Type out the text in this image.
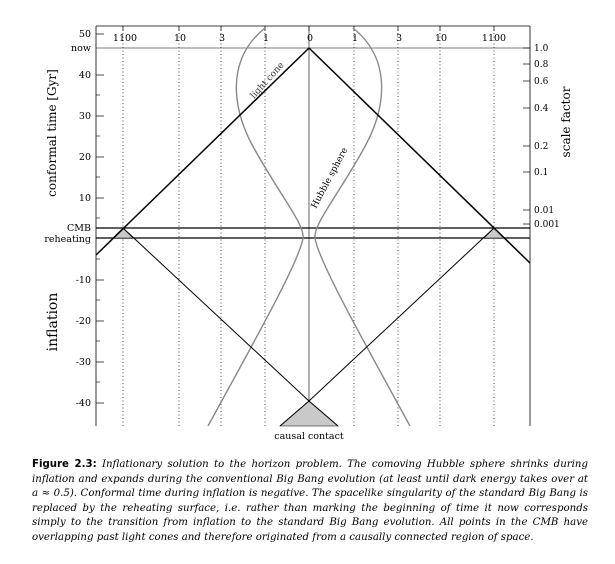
1100	10	3	1	0	1	3	10	1100
50
40
30
20
10
-10
-20
-30
-40
now
CMB
reheating
1.0
0.8
0.6
0.4
0.2
0.1
0.01
0.001
conformal time [Gyr]
inflation
scale factor
light cone
Hubble sphere
causal contact
Figure 2.3: Inflationary solution to the horizon problem. The comoving Hubble sphere shrinks during inflation and expands during the conventional Big Bang evolution (at least until dark energy takes over at a ≈ 0.5). Conformal time during inflation is negative. The spacelike singularity of the standard Big Bang is replaced by the reheating surface, i.e. rather than marking the beginning of time it now corresponds simply to the transition from inflation to the standard Big Bang evolution. All points in the CMB have overlapping past light cones and therefore originated from a causally connected region of space.
